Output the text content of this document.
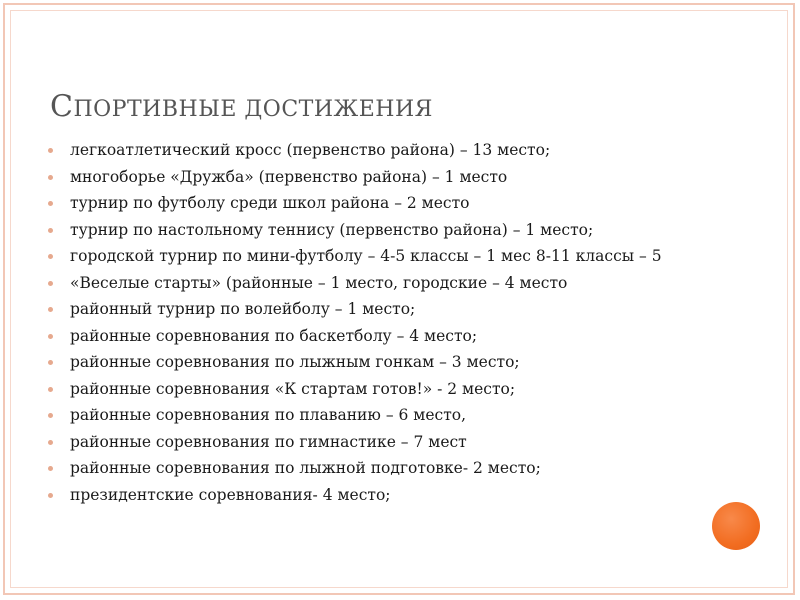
СПОРТИВНЫЕ ДОСТИЖЕНИЯ
легкоатлетический кросс (первенство района) – 13 место;
многоборье «Дружба» (первенство района) – 1 место
турнир по футболу среди школ района – 2 место
турнир по настольному теннису (первенство района) – 1 место;
городской турнир по мини-футболу – 4-5 классы – 1 мес 8-11 классы – 5
«Веселые старты» (районные – 1 место, городские – 4 место
районный турнир по волейболу – 1 место;
районные соревнования по баскетболу – 4 место;
районные соревнования по лыжным гонкам – 3 место;
районные соревнования «К стартам готов!» - 2 место;
районные соревнования по плаванию – 6 место,
районные соревнования по гимнастике – 7 мест
районные соревнования по лыжной подготовке- 2 место;
президентские соревнования- 4 место;
